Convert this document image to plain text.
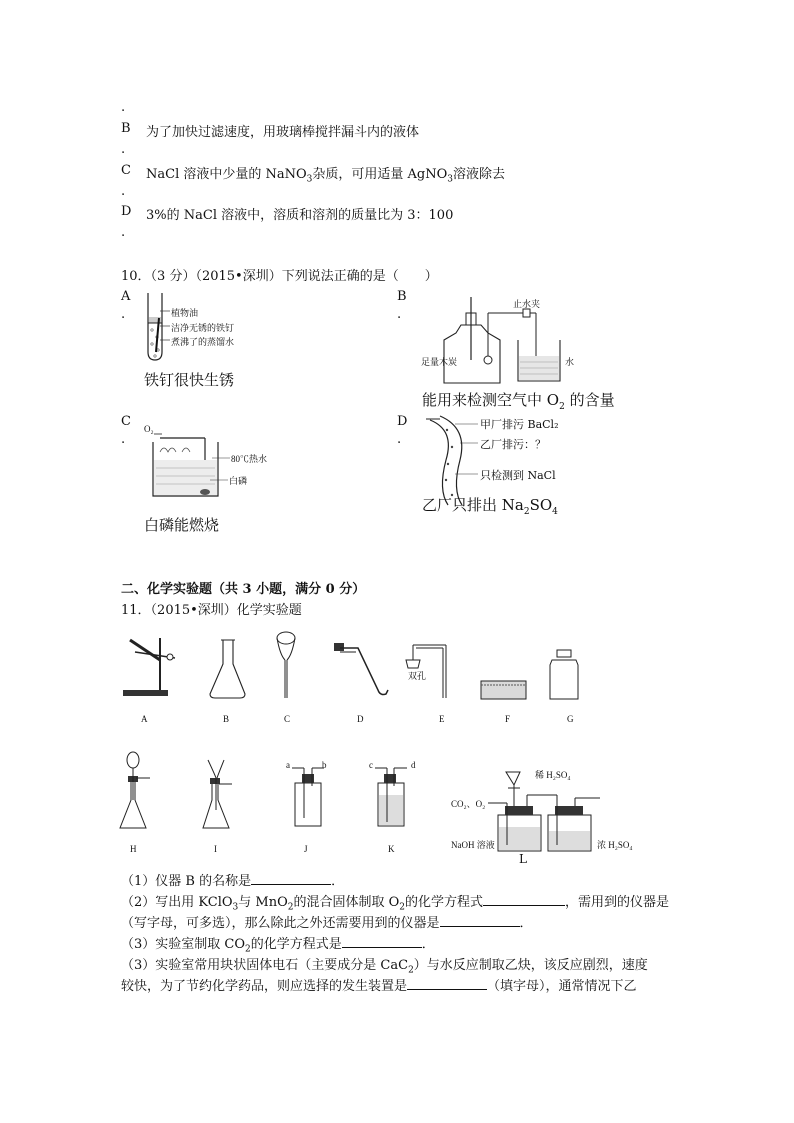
.
B 为了加快过滤速度，用玻璃棒搅拌漏斗内的液体
.
C NaCl 溶液中少量的 NaNO$_3$杂质，可用适量 AgNO$_3$溶液除去
.
D 3%的 NaCl 溶液中，溶质和溶剂的质量比为 3：100
.
10．（3 分）（2015•深圳）下列说法正确的是（　　）
A
.
B
.
C
.
D
.
植物油
洁净无锈的铁钉
煮沸了的蒸馏水
铁钉很快生锈
止水夹
足量木炭	水
能用来检测空气中 $O_2$ 的含量
O₂
80℃热水
白磷
白磷能燃烧
甲厂排污 BaCl₂
乙厂排污：？
只检测到 NaCl
乙厂只排出 $Na_2SO_4$
二、化学实验题（共 3 小题，满分 0 分）
11．（2015•深圳）化学实验题
A	B	C	D	E	F	G
双孔
H	I	J	K
L
a	b	c	d
CO₂、O₂
稀 H₂SO₄
NaOH 溶液	浓 H₂SO₄
（1）仪器 B 的名称是	．
（2）写出用 KClO$_3$与 MnO$_2$的混合固体制取 $O_2$的化学方程式	，需用到的仪器是
（写字母，可多选），那么除此之外还需要用到的仪器是	．
（3）实验室制取 $CO_2$的化学方程式是	．
（3）实验室常用块状固体电石（主要成分是 CaC$_2$）与水反应制取乙炔，该反应剧烈，速度
较快，为了节约化学药品，则应选择的发生装置是	（填字母），通常情况下乙
